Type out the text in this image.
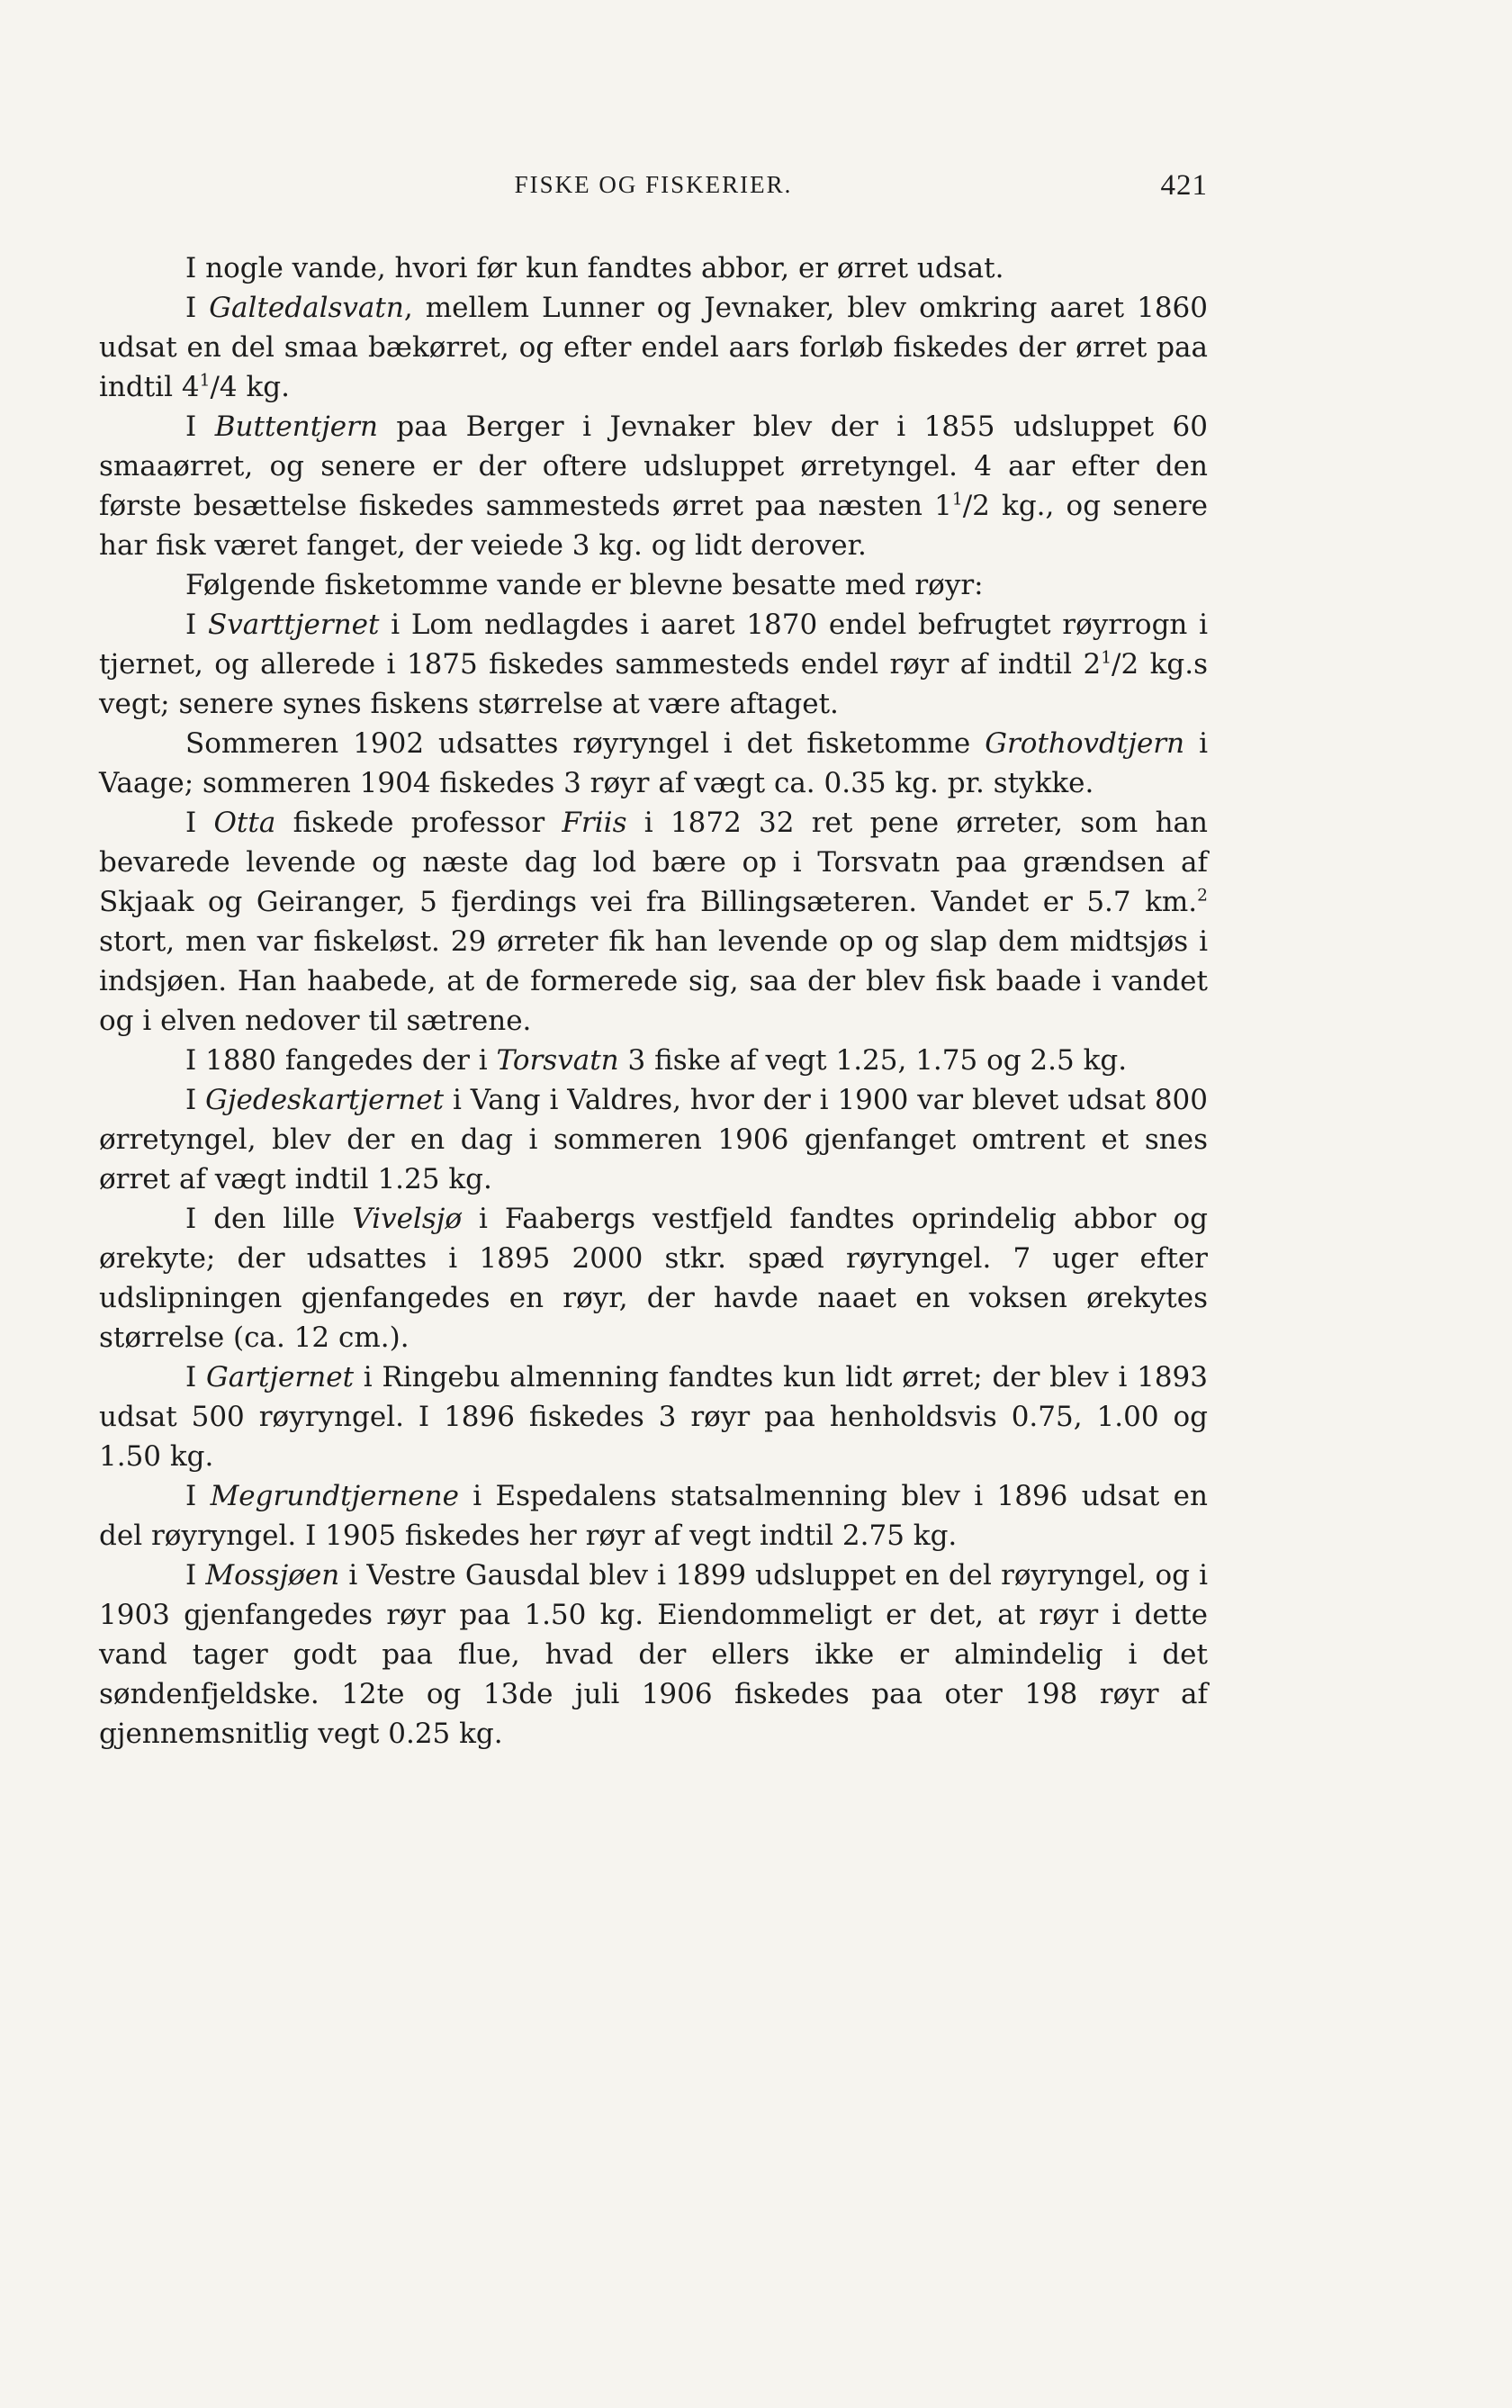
FISKE OG FISKERIER.	421

I nogle vande, hvori før kun fandtes abbor, er ørret udsat.

I Galtedalsvatn, mellem Lunner og Jevnaker, blev omkring aaret 1860 udsat en del smaa bækørret, og efter endel aars forløb fiskedes der ørret paa indtil $4^1/4$ kg.

I Buttentjern paa Berger i Jevnaker blev der i 1855 udsluppet 60 smaaørret, og senere er der oftere udsluppet ørretyngel. 4 aar efter den første besættelse fiskedes sammesteds ørret paa næsten $1^1/2$ kg., og senere har fisk været fanget, der veiede 3 kg. og lidt derover.

Følgende fisketomme vande er blevne besatte med røyr:

I Svarttjernet i Lom nedlagdes i aaret 1870 endel befrugtet røyrrogn i tjernet, og allerede i 1875 fiskedes sammesteds endel røyr af indtil $2^1/2$ kg.s vegt; senere synes fiskens størrelse at være aftaget.

Sommeren 1902 udsattes røyryngel i det fisketomme Grothovdtjern i Vaage; sommeren 1904 fiskedes 3 røyr af vægt ca. 0.35 kg. pr. stykke.

I Otta fiskede professor Friis i 1872 32 ret pene ørreter, som han bevarede levende og næste dag lod bære op i Torsvatn paa grændsen af Skjaak og Geiranger, 5 fjerdings vei fra Billingsæteren. Vandet er 5.7 km.$^2$ stort, men var fiskeløst. 29 ørreter fik han levende op og slap dem midtsjøs i indsjøen. Han haabede, at de formerede sig, saa der blev fisk baade i vandet og i elven nedover til sætrene.

I 1880 fangedes der i Torsvatn 3 fiske af vegt 1.25, 1.75 og 2.5 kg.

I Gjedeskartjernet i Vang i Valdres, hvor der i 1900 var blevet udsat 800 ørretyngel, blev der en dag i sommeren 1906 gjenfanget omtrent et snes ørret af vægt indtil 1.25 kg.

I den lille Vivelsjø i Faabergs vestfjeld fandtes oprindelig abbor og ørekyte; der udsattes i 1895 2000 stkr. spæd røyryngel. 7 uger efter udslipningen gjenfangedes en røyr, der havde naaet en voksen ørekytes størrelse (ca. 12 cm.).

I Gartjernet i Ringebu almenning fandtes kun lidt ørret; der blev i 1893 udsat 500 røyryngel. I 1896 fiskedes 3 røyr paa henholdsvis 0.75, 1.00 og 1.50 kg.

I Megrundtjernene i Espedalens statsalmenning blev i 1896 udsat en del røyryngel. I 1905 fiskedes her røyr af vegt indtil 2.75 kg.

I Mossjøen i Vestre Gausdal blev i 1899 udsluppet en del røyryngel, og i 1903 gjenfangedes røyr paa 1.50 kg. Eiendommeligt er det, at røyr i dette vand tager godt paa flue, hvad der ellers ikke er almindelig i det søndenfjeldske. 12te og 13de juli 1906 fiskedes paa oter 198 røyr af gjennemsnitlig vegt 0.25 kg.
